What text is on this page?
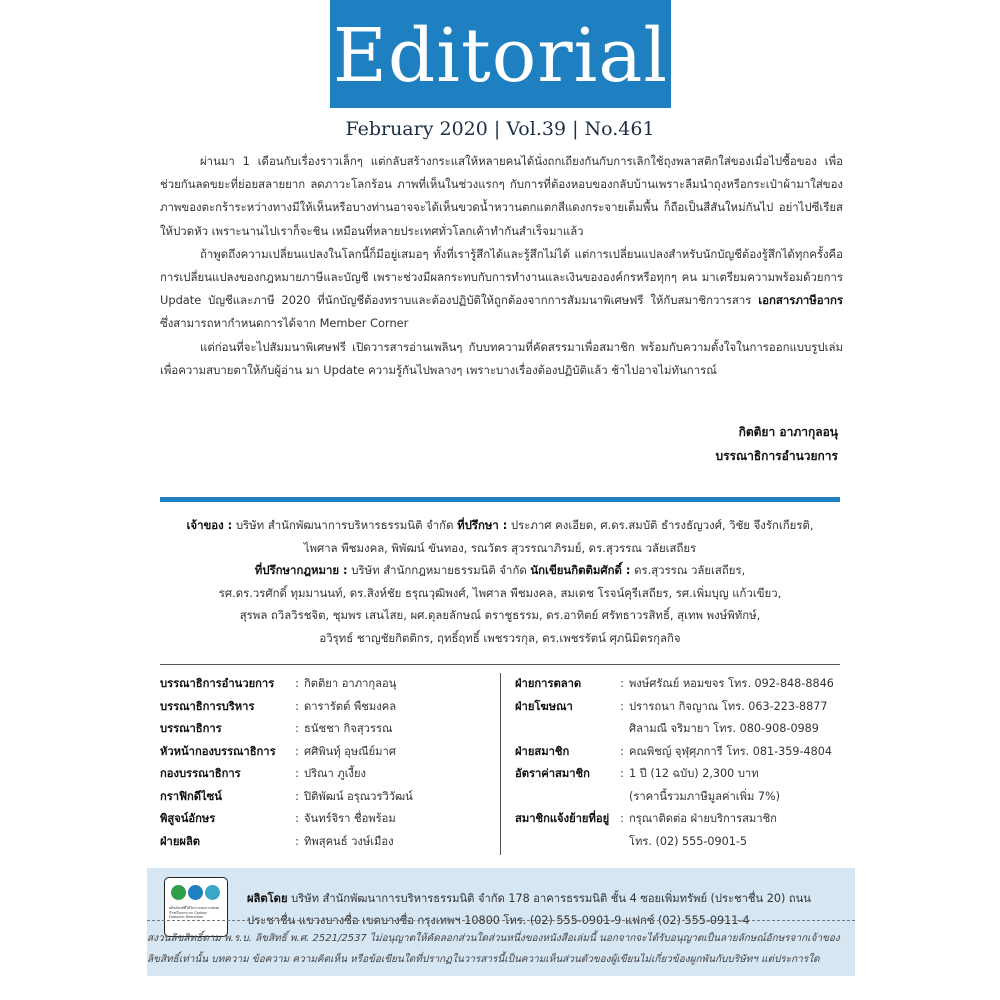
Editorial
February 2020 | Vol.39 | No.461

ผ่านมา 1 เดือนกับเรื่องราวเล็กๆ แต่กลับสร้างกระแสให้หลายคนได้นั่งถกเถียงกันกับการเลิกใช้ถุงพลาสติกใส่ของเมื่อไปซื้อของ เพื่อช่วยกันลดขยะที่ย่อยสลายยาก ลดภาวะโลกร้อน ภาพที่เห็นในช่วงแรกๆ กับการที่ต้องหอบของกลับบ้านเพราะลืมนำถุงหรือกระเป๋าผ้ามาใส่ของ ภาพของตะกร้าระหว่างทางมีให้เห็นหรือบางท่านอาจจะได้เห็นขวดน้ำหวานตกแตกสีแดงกระจายเต็มพื้น ก็ถือเป็นสีสันใหม่กันไป อย่าไปซีเรียสให้ปวดหัว เพราะนานไปเราก็จะชิน เหมือนที่หลายประเทศทั่วโลกเค้าทำกันสำเร็จมาแล้ว

ถ้าพูดถึงความเปลี่ยนแปลงในโลกนี้ก็มีอยู่เสมอๆ ทั้งที่เรารู้สึกได้และรู้สึกไม่ได้ แต่การเปลี่ยนแปลงสำหรับนักบัญชีต้องรู้สึกได้ทุกครั้งคือ การเปลี่ยนแปลงของกฎหมายภาษีและบัญชี เพราะช่วงมีผลกระทบกับการทำงานและเงินขององค์กรหรือทุกๆ คน มาเตรียมความพร้อมด้วยการ Update บัญชีและภาษี 2020 ที่นักบัญชีต้องทราบและต้องปฏิบัติให้ถูกต้องจากการสัมมนาพิเศษฟรี ให้กับสมาชิกวารสาร เอกสารภาษีอากร ซึ่งสามารถหากำหนดการได้จาก Member Corner

แต่ก่อนที่จะไปสัมมนาพิเศษฟรี เปิดวารสารอ่านเพลินๆ กับบทความที่คัดสรรมาเพื่อสมาชิก พร้อมกับความตั้งใจในการออกแบบรูปเล่มเพื่อความสบายตาให้กับผู้อ่าน มา Update ความรู้กันไปพลางๆ เพราะบางเรื่องต้องปฏิบัติแล้ว ช้าไปอาจไม่ทันการณ์

กิตติยา อาภากุลอนุ
บรรณาธิการอำนวยการ
เจ้าของ : บริษัท สำนักพัฒนาการบริหารธรรมนิติ จำกัด ที่ปรึกษา : ประภาศ คงเอียด, ศ.ดร.สมบัติ ธำรงธัญวงศ์, วิชัย จึงรักเกียรติ,
ไพศาล พืชมงคล, พิพัฒน์ ขันทอง, รณวัตร สุวรรณาภิรมย์, ดร.สุวรรณ วลัยเสถียร
ที่ปรึกษากฎหมาย : บริษัท สำนักกฎหมายธรรมนิติ จำกัด นักเขียนกิตติมศักดิ์ : ดร.สุวรรณ วลัยเสถียร,
รศ.ดร.วรศักดิ์ ทุมมานนท์, ดร.สิงห์ชัย ธรุณวุฒิพงศ์, ไพศาล พืชมงคล, สมเดช โรจน์คุรีเสถียร, รศ.เพิ่มบุญ แก้วเขียว,
สุรพล ถวิลวิรชจิต, ชุมพร เสนไสย, ผศ.ดุลยลักษณ์ ตราชูธรรม, ดร.อาทิตย์ ศรัทธาวรสิทธิ์, สุเทพ พงษ์พิทักษ์,
อวิรุทธ์ ชาญชัยกิตติกร, ฤทธิ์ฤทธิ์ เพชรวรกุล, ดร.เพชรรัตน์ ศุภนิมิตรกุลกิจ
บรรณาธิการอำนวยการ	: กิตติยา อาภากุลอนุ
บรรณาธิการบริหาร	: ดารารัตต์ พืชมงคล
บรรณาธิการ	: ธนัชชา กิจสุวรรณ
หัวหน้ากองบรรณาธิการ	: ศศิพินทุ์ อุษณีย์มาศ
กองบรรณาธิการ	: ปริณา ภูเงี้ยง
กราฟิกดีไซน์	: ปิติพัฒน์ อรุณวรวิวัฒน์
พิสูจน์อักษร	: จันทร์จิรา ชื่อพร้อม
ฝ่ายผลิต	: ทิพสุคนธ์ วงษ์เมือง
ฝ่ายการตลาด	: พงษ์ศรัณย์ หอมขจร โทร. 092-848-8846
ฝ่ายโฆษณา	: ปรารถนา กิจญาณ โทร. 063-223-8877
ศิลามณี จริมายา โทร. 080-908-0989
ฝ่ายสมาชิก	: คณพิชญ์ จุฬุศุภการี โทร. 081-359-4804
อัตราค่าสมาชิก	: 1 ปี (12 ฉบับ) 2,300 บาท
(ราคานี้รวมภาษีมูลค่าเพิ่ม 7%)
สมาชิกแจ้งย้ายที่อยู่ : กรุณาติดต่อ ฝ่ายบริการสมาชิก
โทร. (02) 555-0901-5
ผลิตภัณฑ์ที่ได้รับการลดการปล่อยก๊าซเรือนกระจก Carbon Footprint Reduction
ผลิตโดย บริษัท สำนักพัฒนาการบริหารธรรมนิติ จำกัด 178 อาคารธรรมนิติ ชั้น 4 ซอยเพิ่มทรัพย์ (ประชาชื่น 20) ถนนประชาชื่น แขวงบางซื่อ เขตบางซื่อ กรุงเทพฯ 10800 โทร. (02) 555-0901-9 แฟกซ์ (02) 555-0911-4
สงวนลิขสิทธิ์ตาม พ.ร.บ. ลิขสิทธิ์ พ.ศ. 2521/2537 ไม่อนุญาตให้คัดลอกส่วนใดส่วนหนึ่งของหนังสือเล่มนี้ นอกจากจะได้รับอนุญาตเป็นลายลักษณ์อักษรจากเจ้าของลิขสิทธิ์เท่านั้น บทความ ข้อความ ความคิดเห็น หรือข้อเขียนใดที่ปรากฏในวารสารนี้เป็นความเห็นส่วนตัวของผู้เขียนไม่เกี่ยวข้องผูกพันกับบริษัทฯ แต่ประการใด
